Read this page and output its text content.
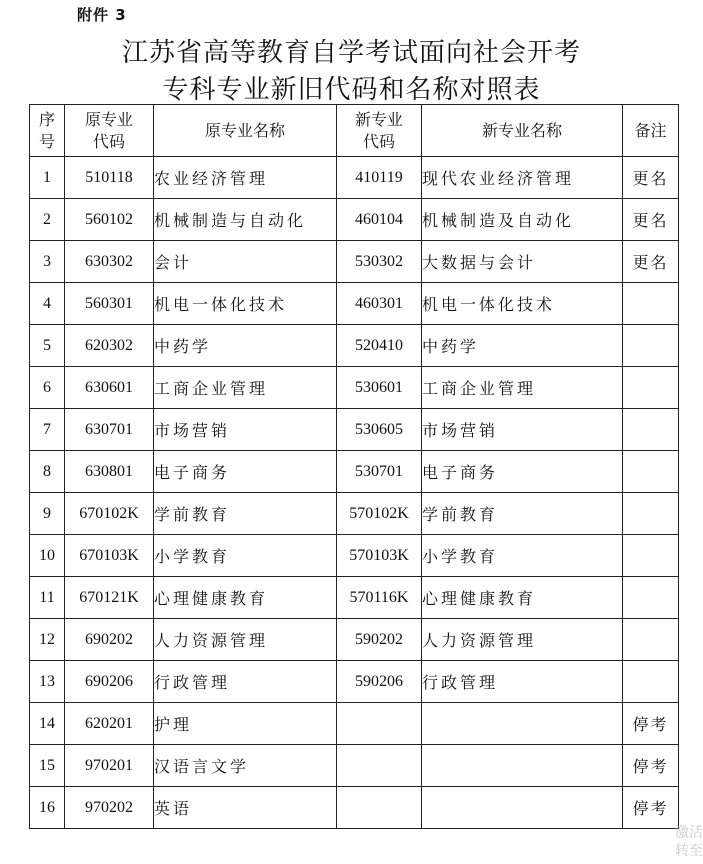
附件 3
江苏省高等教育自学考试面向社会开考
专科专业新旧代码和名称对照表
序号	原专业代码	原专业名称	新专业代码	新专业名称	备注
1	510118	农业经济管理	410119	现代农业经济管理	更名
2	560102	机械制造与自动化	460104	机械制造及自动化	更名
3	630302	会计	530302	大数据与会计	更名
4	560301	机电一体化技术	460301	机电一体化技术	
5	620302	中药学	520410	中药学	
6	630601	工商企业管理	530601	工商企业管理	
7	630701	市场营销	530605	市场营销	
8	630801	电子商务	530701	电子商务	
9	670102K	学前教育	570102K	学前教育	
10	670103K	小学教育	570103K	小学教育	
11	670121K	心理健康教育	570116K	心理健康教育	
12	690202	人力资源管理	590202	人力资源管理	
13	690206	行政管理	590206	行政管理	
14	620201	护理			停考
15	970201	汉语言文学			停考
16	970202	英语			停考
激活
转至
